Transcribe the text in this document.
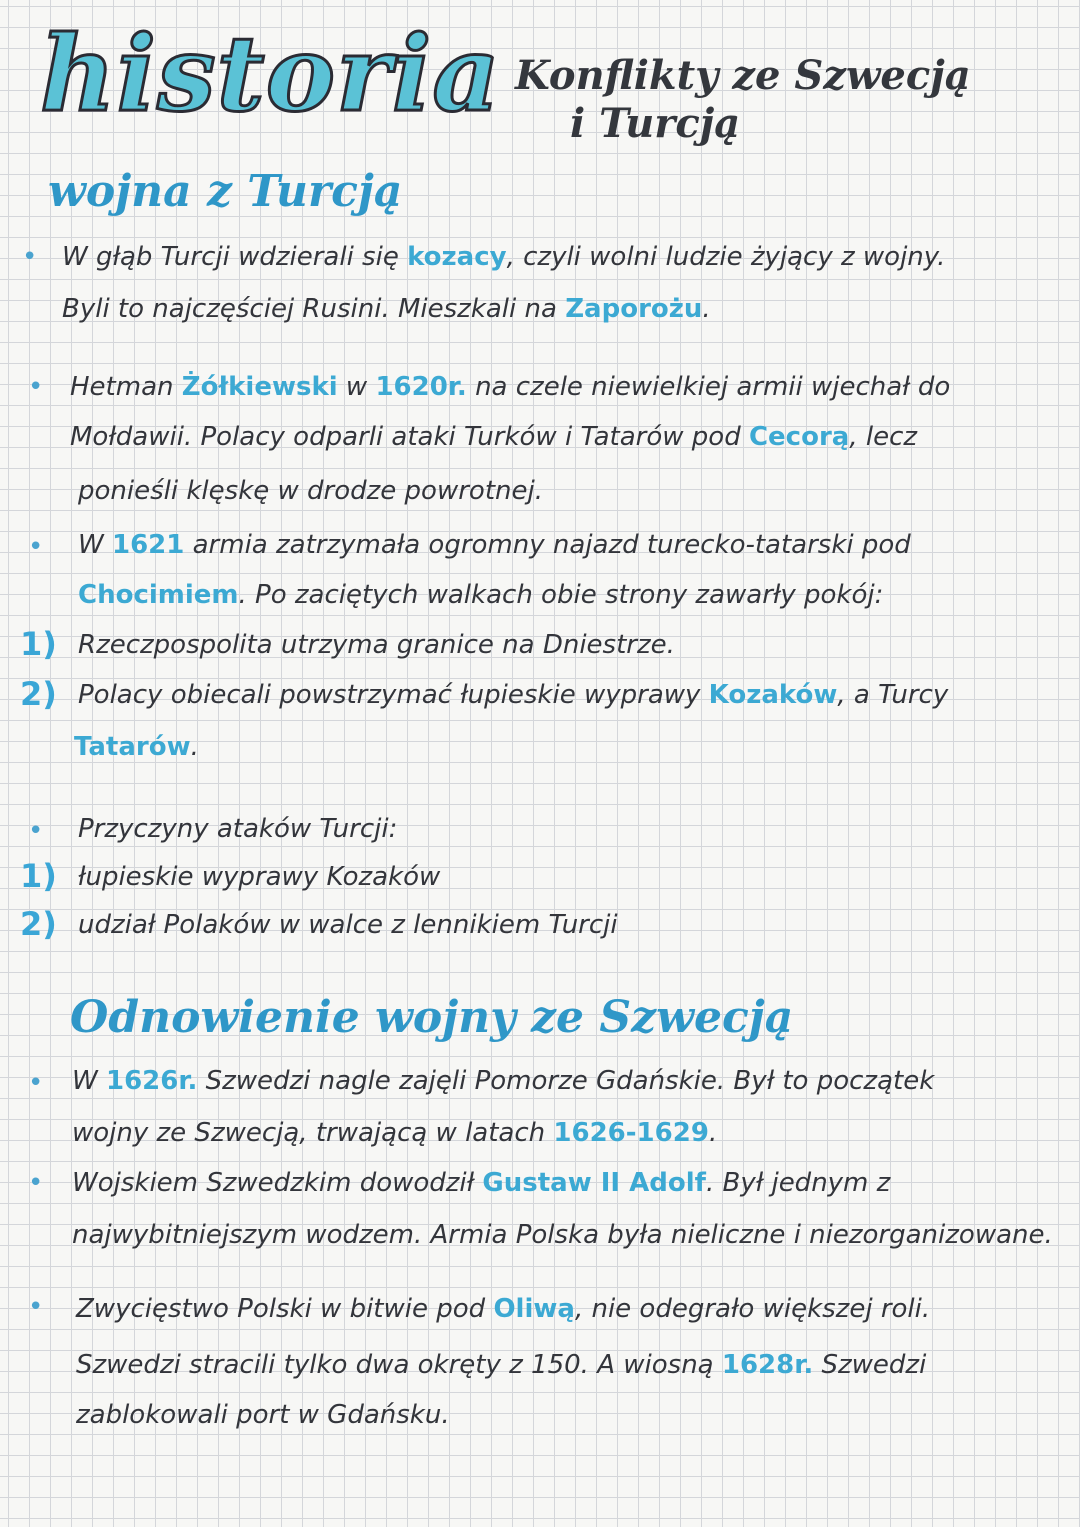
historia Konflikty ze Szwecją
i Turcją
wojna z Turcją
• W głąb Turcji wdzierali się kozacy, czyli wolni ludzie żyjący z wojny.
Byli to najczęściej Rusini. Mieszkali na Zaporożu.
• Hetman Żółkiewski w 1620r. na czele niewielkiej armii wjechał do
Mołdawii. Polacy odparli ataki Turków i Tatarów pod Cecorą, lecz
ponieśli klęskę w drodze powrotnej.
• W 1621 armia zatrzymała ogromny najazd turecko-tatarski pod
Chocimiem. Po zaciętych walkach obie strony zawarły pokój:
1) Rzeczpospolita utrzyma granice na Dniestrze.
2) Polacy obiecali powstrzymać łupieskie wyprawy Kozaków, a Turcy
Tatarów.
• Przyczyny ataków Turcji:
1) łupieskie wyprawy Kozaków
2) udział Polaków w walce z lennikiem Turcji
Odnowienie wojny ze Szwecją
• W 1626r. Szwedzi nagle zajęli Pomorze Gdańskie. Był to początek
wojny ze Szwecją, trwającą w latach 1626-1629.
• Wojskiem Szwedzkim dowodził Gustaw II Adolf. Był jednym z
najwybitniejszym wodzem. Armia Polska była nieliczne i niezorganizowane.
• Zwycięstwo Polski w bitwie pod Oliwą, nie odegrało większej roli.
Szwedzi stracili tylko dwa okręty z 150. A wiosną 1628r. Szwedzi
zablokowali port w Gdańsku.
